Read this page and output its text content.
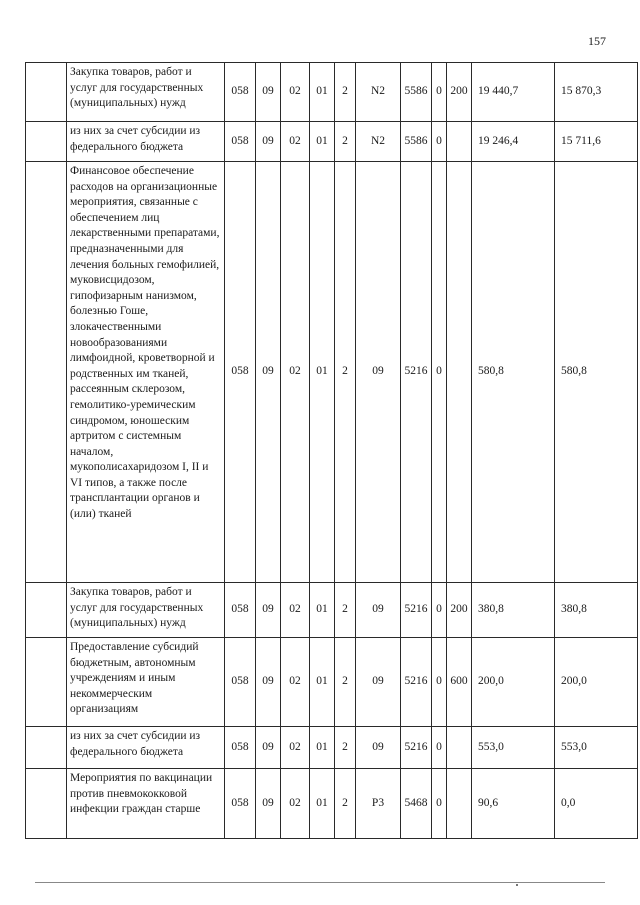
157
	Закупка товаров, работ и услуг для государственных (муниципальных) нужд	058	09	02	01	2	N2	5586	0	200	19 440,7	15 870,3
	из них за счет субсидии из федерального бюджета	058	09	02	01	2	N2	5586	0		19 246,4	15 711,6
	Финансовое обеспечение расходов на организационные мероприятия, связанные с обеспечением лиц лекарственными препаратами, предназначенными для лечения больных гемофилией, муковисцидозом, гипофизарным нанизмом, болезнью Гоше, злокачественными новообразованиями лимфоидной, кроветворной и родственных им тканей, рассеянным склерозом, гемолитико-уремическим синдромом, юношеским артритом с системным началом, мукополисахаридозом I, II и VI типов, а также после трансплантации органов и (или) тканей	058	09	02	01	2	09	5216	0		580,8	580,8
	Закупка товаров, работ и услуг для государственных (муниципальных) нужд	058	09	02	01	2	09	5216	0	200	380,8	380,8
	Предоставление субсидий бюджетным, автономным учреждениям и иным некоммерческим организациям	058	09	02	01	2	09	5216	0	600	200,0	200,0
	из них за счет субсидии из федерального бюджета	058	09	02	01	2	09	5216	0		553,0	553,0
	Мероприятия по вакцинации против пневмококковой инфекции граждан старше	058	09	02	01	2	P3	5468	0		90,6	0,0
